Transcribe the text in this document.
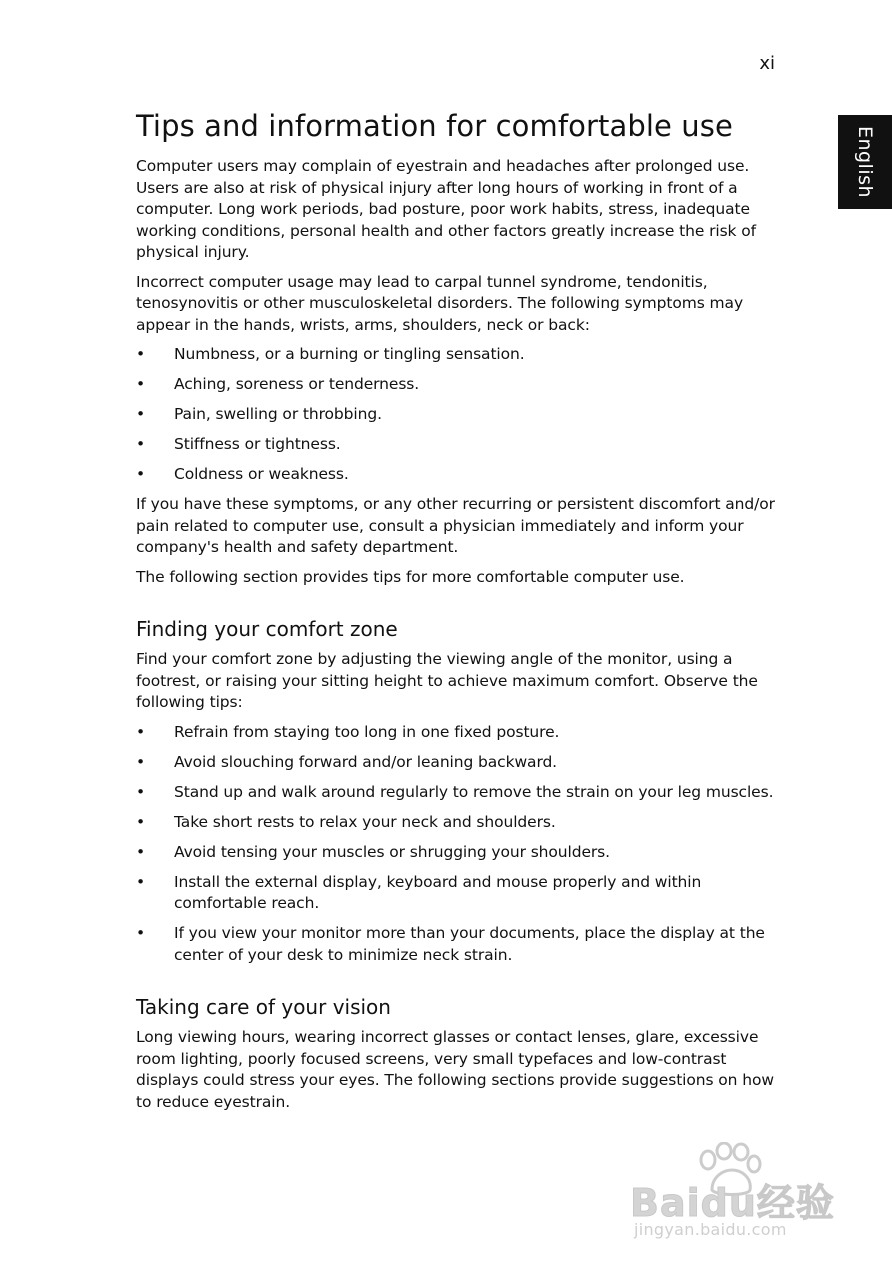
xi
English
Tips and information for comfortable use

Computer users may complain of eyestrain and headaches after prolonged use. Users are also at risk of physical injury after long hours of working in front of a computer. Long work periods, bad posture, poor work habits, stress, inadequate working conditions, personal health and other factors greatly increase the risk of physical injury.

Incorrect computer usage may lead to carpal tunnel syndrome, tendonitis, tenosynovitis or other musculoskeletal disorders. The following symptoms may appear in the hands, wrists, arms, shoulders, neck or back:

• Numbness, or a burning or tingling sensation.
• Aching, soreness or tenderness.
• Pain, swelling or throbbing.
• Stiffness or tightness.
• Coldness or weakness.

If you have these symptoms, or any other recurring or persistent discomfort and/or pain related to computer use, consult a physician immediately and inform your company's health and safety department.

The following section provides tips for more comfortable computer use.

Finding your comfort zone

Find your comfort zone by adjusting the viewing angle of the monitor, using a footrest, or raising your sitting height to achieve maximum comfort. Observe the following tips:

• Refrain from staying too long in one fixed posture.
• Avoid slouching forward and/or leaning backward.
• Stand up and walk around regularly to remove the strain on your leg muscles.
• Take short rests to relax your neck and shoulders.
• Avoid tensing your muscles or shrugging your shoulders.
• Install the external display, keyboard and mouse properly and within comfortable reach.
• If you view your monitor more than your documents, place the display at the center of your desk to minimize neck strain.
Taking care of your vision

Long viewing hours, wearing incorrect glasses or contact lenses, glare, excessive room lighting, poorly focused screens, very small typefaces and low-contrast displays could stress your eyes. The following sections provide suggestions on how to reduce eyestrain.

Baidu经验
jingyan.baidu.com
